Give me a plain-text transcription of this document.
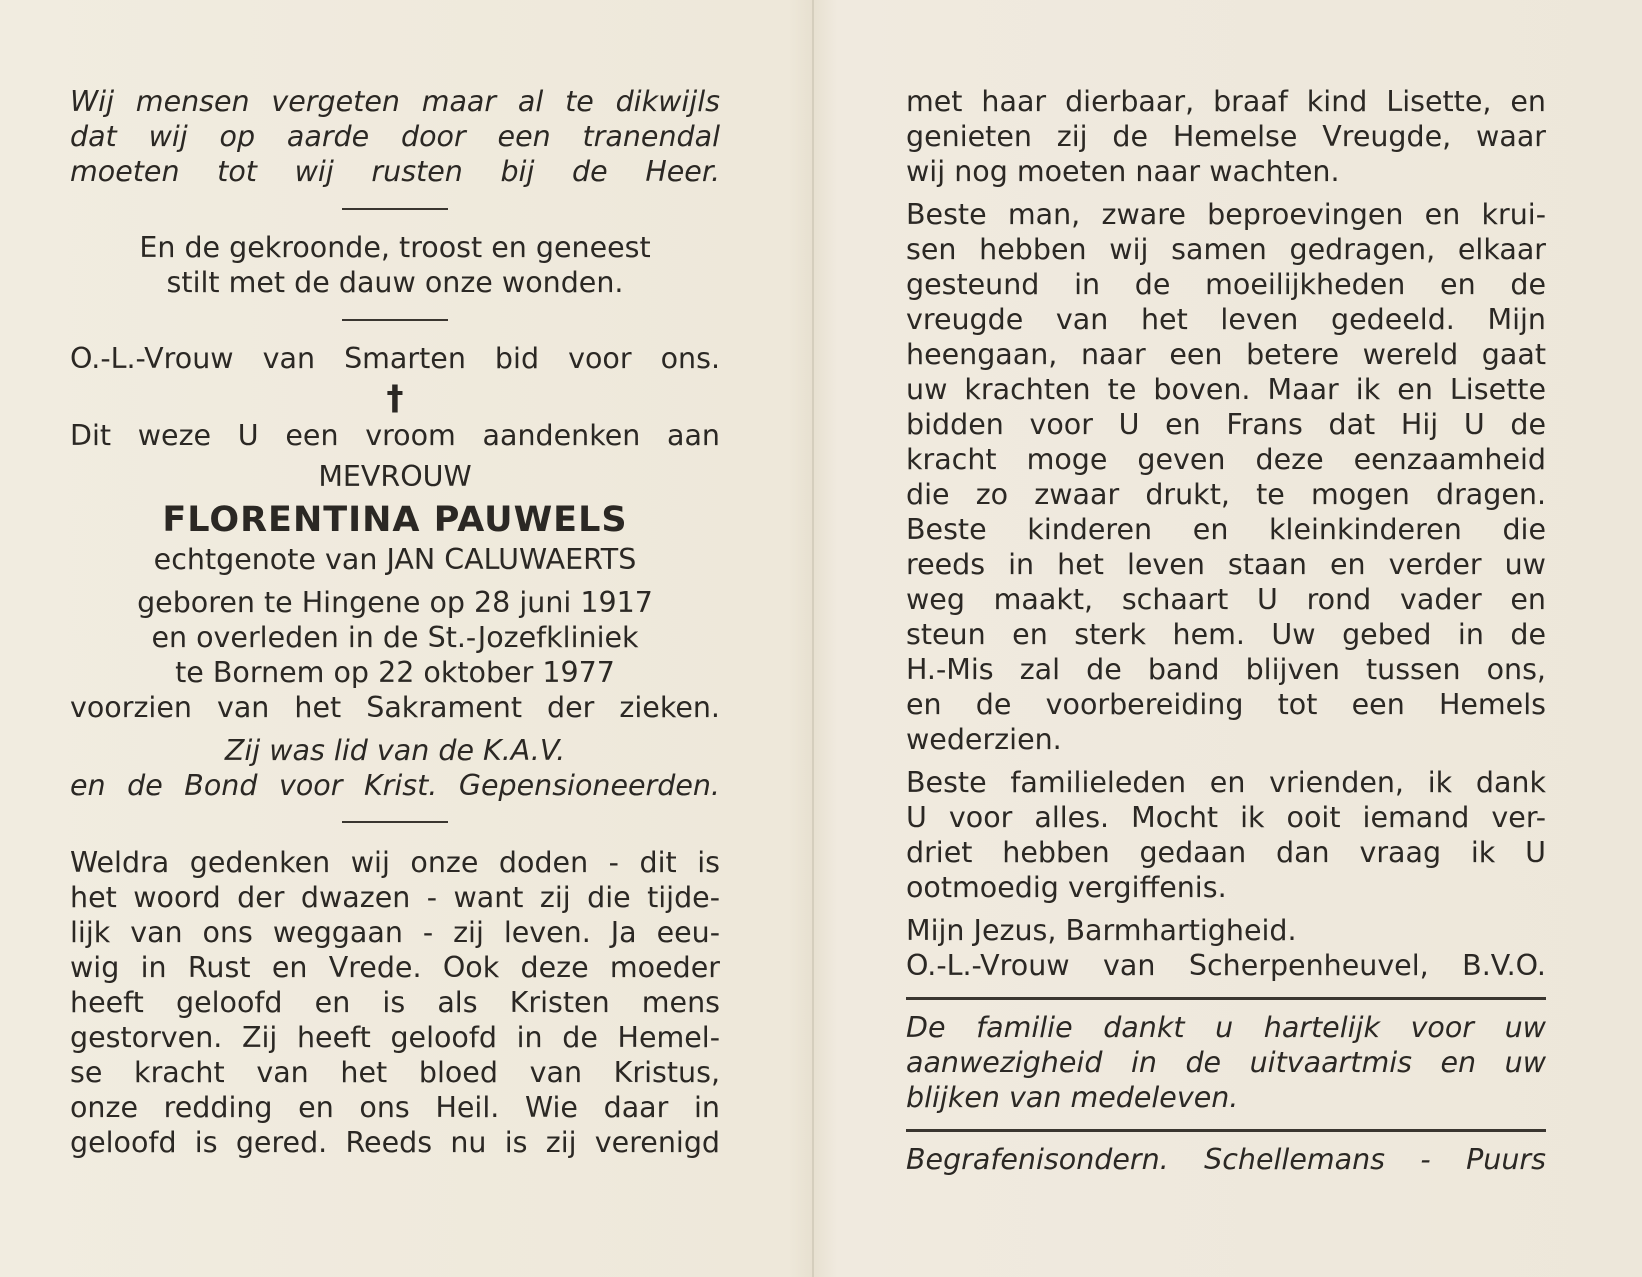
Wij mensen vergeten maar al te dikwijls

dat wij op aarde door een tranendal

moeten tot wij rusten bij de Heer.

En de gekroonde, troost en geneest

stilt met de dauw onze wonden.

O.-L.-Vrouw van Smarten bid voor ons.

†

Dit weze U een vroom aandenken aan

MEVROUW

FLORENTINA PAUWELS

echtgenote van JAN CALUWAERTS

geboren te Hingene op 28 juni 1917

en overleden in de St.-Jozefkliniek

te Bornem op 22 oktober 1977

voorzien van het Sakrament der zieken.

Zij was lid van de K.A.V.

en de Bond voor Krist. Gepensioneerden.

Weldra gedenken wij onze doden - dit is

het woord der dwazen - want zij die tijde-

lijk van ons weggaan - zij leven. Ja eeu-

wig in Rust en Vrede. Ook deze moeder

heeft geloofd en is als Kristen mens

gestorven. Zij heeft geloofd in de Hemel-

se kracht van het bloed van Kristus,

onze redding en ons Heil. Wie daar in

geloofd is gered. Reeds nu is zij verenigd

met haar dierbaar, braaf kind Lisette, en

genieten zij de Hemelse Vreugde, waar

wij nog moeten naar wachten.

Beste man, zware beproevingen en krui-

sen hebben wij samen gedragen, elkaar

gesteund in de moeilijkheden en de

vreugde van het leven gedeeld. Mijn

heengaan, naar een betere wereld gaat

uw krachten te boven. Maar ik en Lisette

bidden voor U en Frans dat Hij U de

kracht moge geven deze eenzaamheid

die zo zwaar drukt, te mogen dragen.

Beste kinderen en kleinkinderen die

reeds in het leven staan en verder uw

weg maakt, schaart U rond vader en

steun en sterk hem. Uw gebed in de

H.-Mis zal de band blijven tussen ons,

en de voorbereiding tot een Hemels

wederzien.

Beste familieleden en vrienden, ik dank

U voor alles. Mocht ik ooit iemand ver-

driet hebben gedaan dan vraag ik U

ootmoedig vergiffenis.

Mijn Jezus, Barmhartigheid.

O.-L.-Vrouw van Scherpenheuvel, B.V.O.

De familie dankt u hartelijk voor uw

aanwezigheid in de uitvaartmis en uw

blijken van medeleven.

Begrafenisondern. Schellemans - Puurs
